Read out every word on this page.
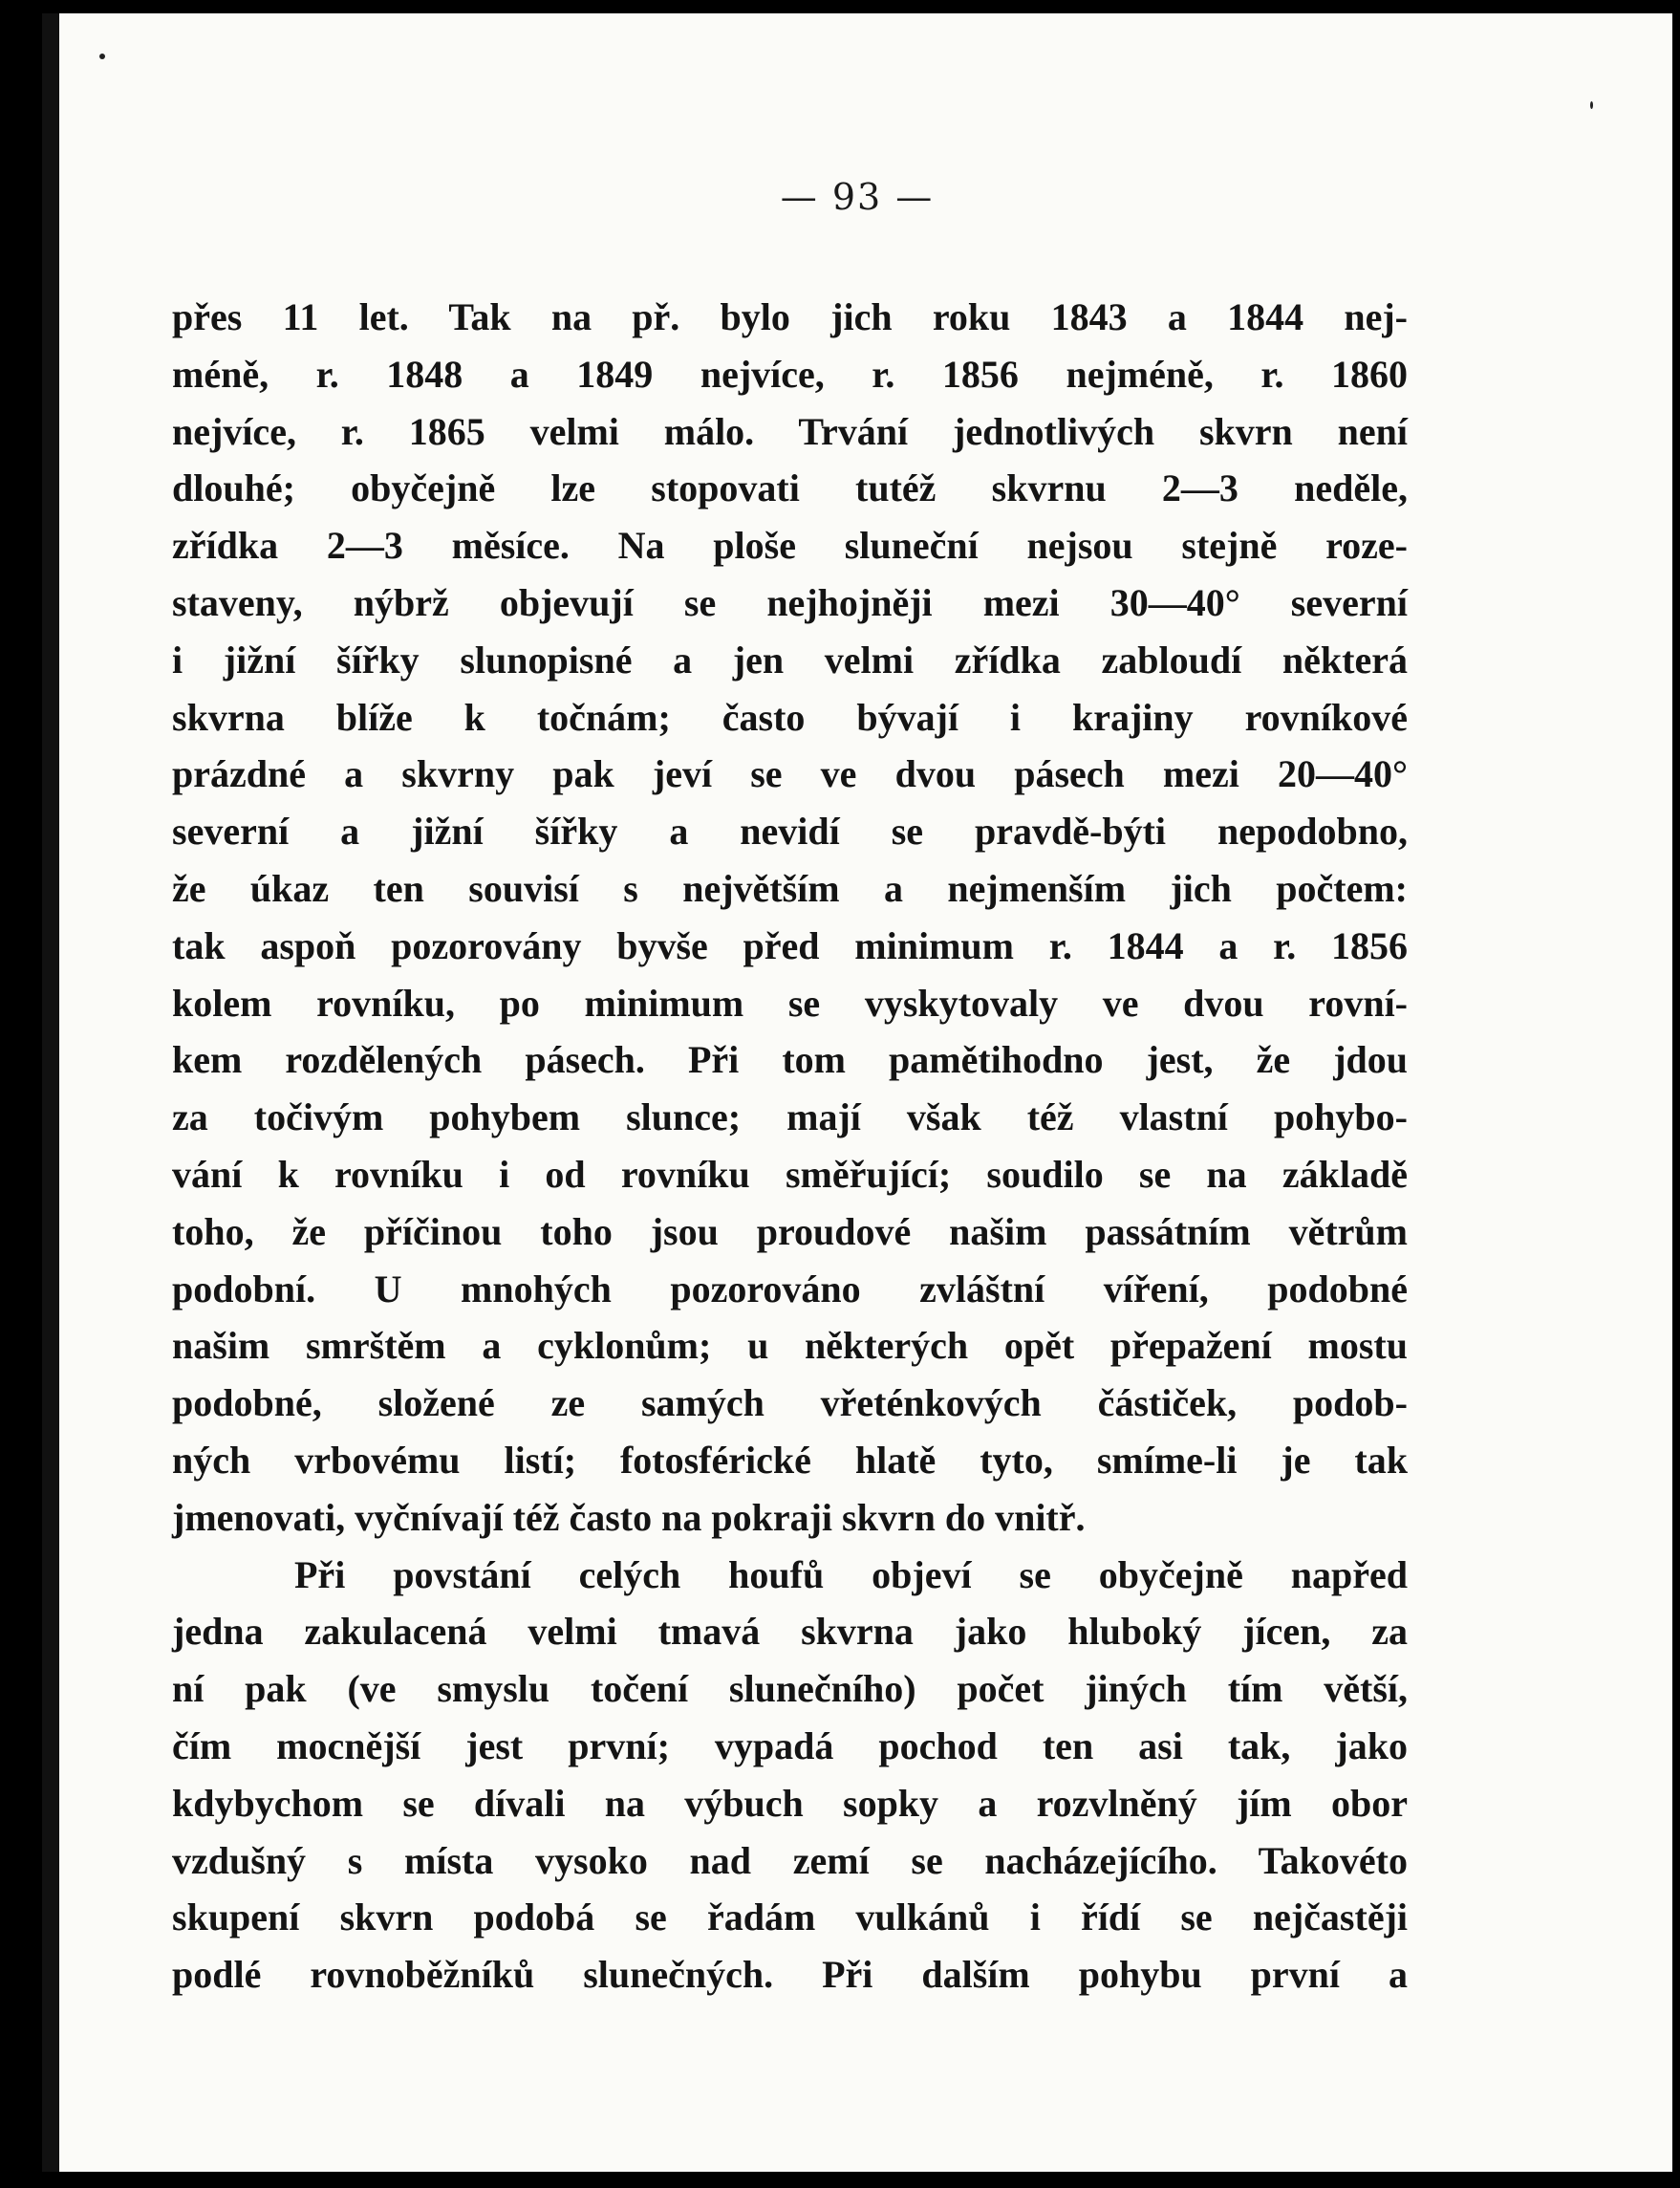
— 93 —
přes 11 let. Tak na př. bylo jich roku 1843 a 1844 nej-
méně, r. 1848 a 1849 nejvíce, r. 1856 nejméně, r. 1860
nejvíce, r. 1865 velmi málo. Trvání jednotlivých skvrn není
dlouhé; obyčejně lze stopovati tutéž skvrnu 2—3 neděle,
zřídka 2—3 měsíce. Na ploše sluneční nejsou stejně roze-
staveny, nýbrž objevují se nejhojněji mezi 30—40° severní
i jižní šířky slunopisné a jen velmi zřídka zabloudí některá
skvrna blíže k točnám; často bývají i krajiny rovníkové
prázdné a skvrny pak jeví se ve dvou pásech mezi 20—40°
severní a jižní šířky a nevidí se pravdě-býti nepodobno,
že úkaz ten souvisí s největším a nejmenším jich počtem:
tak aspoň pozorovány byvše před minimum r. 1844 a r. 1856
kolem rovníku, po minimum se vyskytovaly ve dvou rovní-
kem rozdělených pásech. Při tom pamětihodno jest, že jdou
za točivým pohybem slunce; mají však též vlastní pohybo-
vání k rovníku i od rovníku směřující; soudilo se na základě
toho, že příčinou toho jsou proudové našim passátním větrům
podobní. U mnohých pozorováno zvláštní víření, podobné
našim smrštěm a cyklonům; u některých opět přepažení mostu
podobné, složené ze samých vřeténkových částiček, podob-
ných vrbovému listí; fotosférické hlatě tyto, smíme-li je tak
jmenovati, vyčnívají též často na pokraji skvrn do vnitř.
Při povstání celých houfů objeví se obyčejně napřed
jedna zakulacená velmi tmavá skvrna jako hluboký jícen, za
ní pak (ve smyslu točení slunečního) počet jiných tím větší,
čím mocnější jest první; vypadá pochod ten asi tak, jako
kdybychom se dívali na výbuch sopky a rozvlněný jím obor
vzdušný s místa vysoko nad zemí se nacházejícího. Takovéto
skupení skvrn podobá se řadám vulkánů i řídí se nejčastěji
podlé rovnoběžníků slunečných. Při dalším pohybu první a
